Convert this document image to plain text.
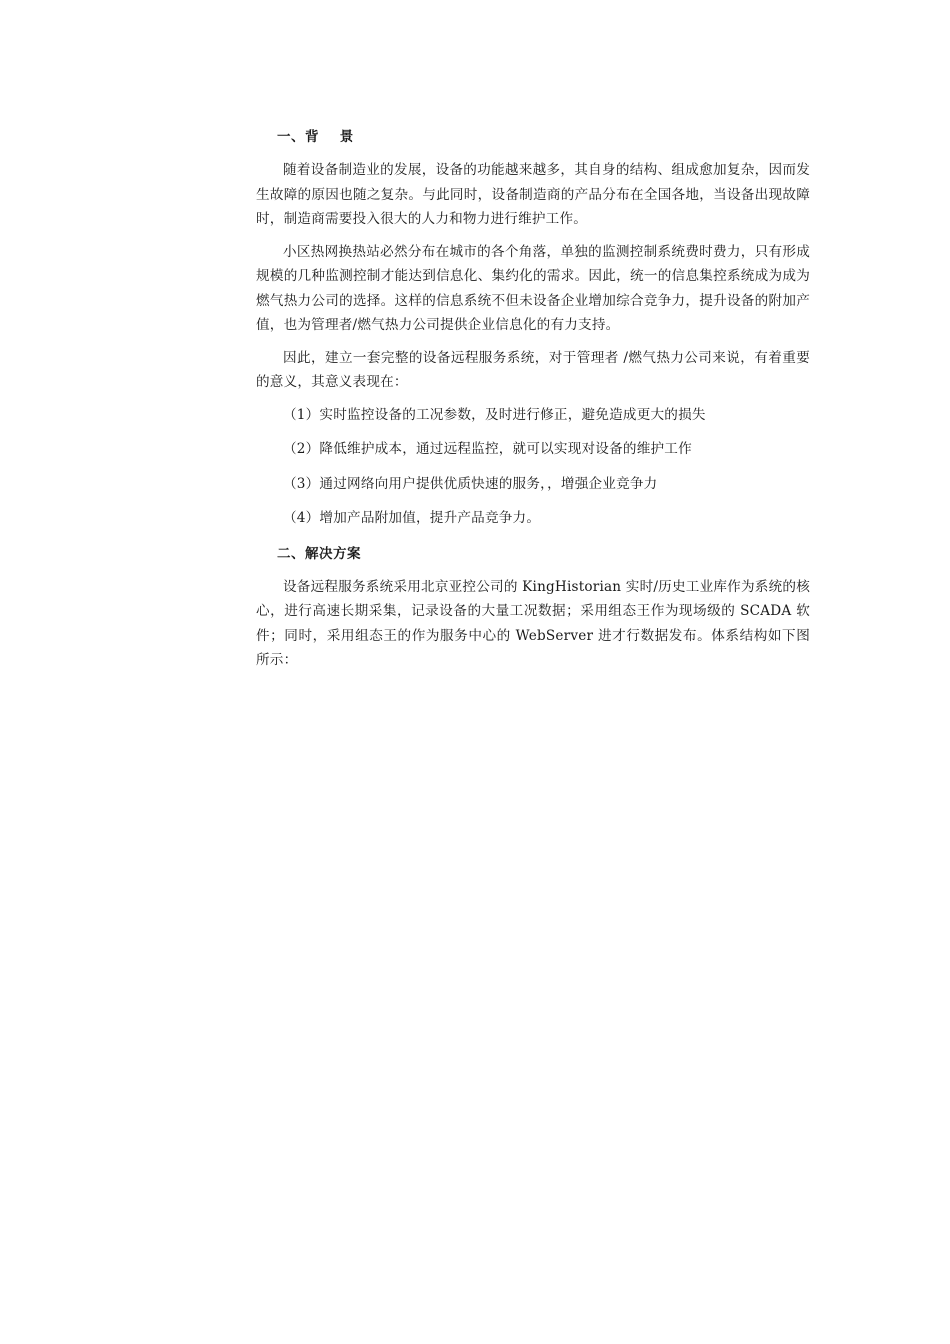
一、背    景

随着设备制造业的发展，设备的功能越来越多，其自身的结构、组成愈加复杂，因而发生故障的原因也随之复杂。与此同时，设备制造商的产品分布在全国各地，当设备出现故障时，制造商需要投入很大的人力和物力进行维护工作。

小区热网换热站必然分布在城市的各个角落，单独的监测控制系统费时费力，只有形成规模的几种监测控制才能达到信息化、集约化的需求。因此，统一的信息集控系统成为成为燃气热力公司的选择。这样的信息系统不但未设备企业增加综合竞争力，提升设备的附加产值，也为管理者/燃气热力公司提供企业信息化的有力支持。

因此，建立一套完整的设备远程服务系统，对于管理者 /燃气热力公司来说，有着重要的意义，其意义表现在：

（1）实时监控设备的工况参数，及时进行修正，避免造成更大的损失
（2）降低维护成本，通过远程监控，就可以实现对设备的维护工作
（3）通过网络向用户提供优质快速的服务，，增强企业竞争力
（4）增加产品附加值，提升产品竞争力。
二、解决方案

设备远程服务系统采用北京亚控公司的 KingHistorian 实时/历史工业库作为系统的核心，进行高速长期采集，记录设备的大量工况数据；采用组态王作为现场级的 SCADA 软件；同时，采用组态王的作为服务中心的 WebServer 进才行数据发布。体系结构如下图所示：
